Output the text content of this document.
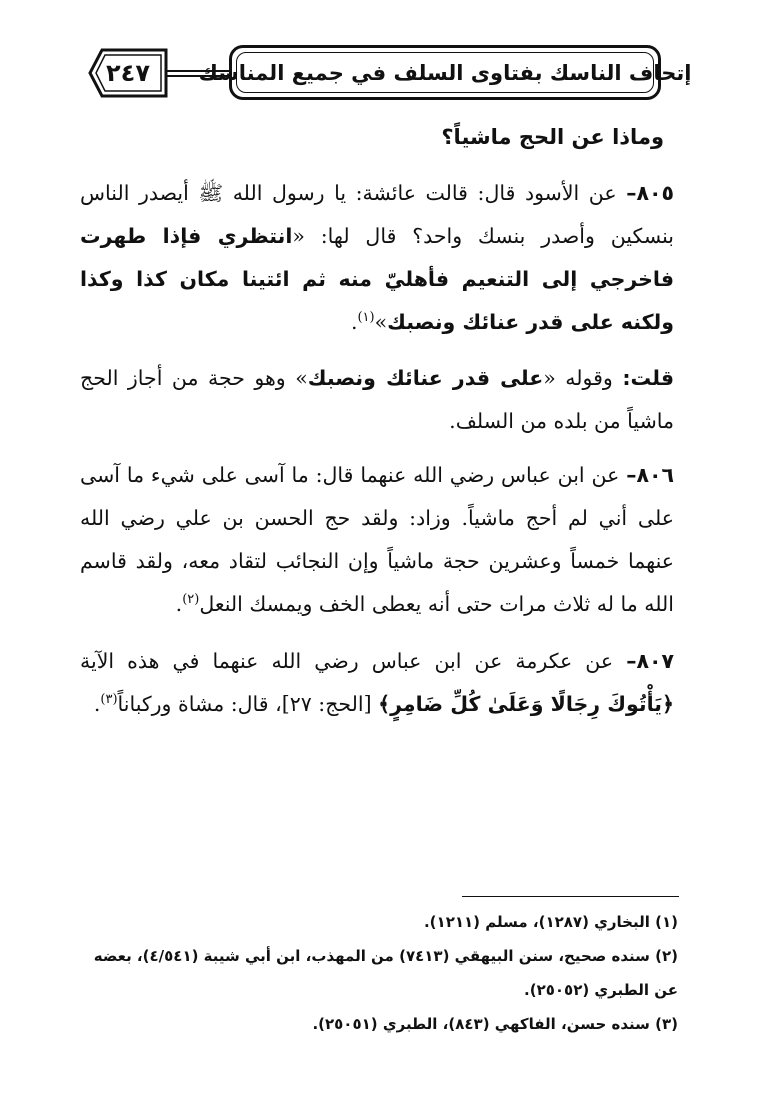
إتحاف الناسك بفتاوى السلف في جميع المناسك
٢٤٧
وماذا عن الحج ماشياً؟
٨٠٥– عن الأسود قال: قالت عائشة: يا رسول الله ﷺ أيصدر الناس بنسكين وأصدر بنسك واحد؟ قال لها: «انتظري فإذا طهرت فاخرجي إلى التنعيم فأهليّ منه ثم ائتينا مكان كذا وكذا ولكنه على قدر عنائك ونصبك»$^{(١)}$.
قلت: وقوله «على قدر عنائك ونصبك» وهو حجة من أجاز الحج ماشياً من بلده من السلف.
٨٠٦– عن ابن عباس رضي الله عنهما قال: ما آسى على شيء ما آسى على أني لم أحج ماشياً. وزاد: ولقد حج الحسن بن علي رضي الله عنهما خمساً وعشرين حجة ماشياً وإن النجائب لتقاد معه، ولقد قاسم الله ما له ثلاث مرات حتى أنه يعطى الخف ويمسك النعل$^{(٢)}$.
٨٠٧– عن عكرمة عن ابن عباس رضي الله عنهما في هذه الآية ﴿يَأْتُوكَ رِجَالًا وَعَلَىٰ كُلِّ ضَامِرٍ﴾ [الحج: ٢٧]، قال: مشاة وركباناً$^{(٣)}$.

(١) البخاري (١٢٨٧)، مسلم (١٢١١).

(٢) سنده صحيح، سنن البيهقي (٧٤١٣) من المهذب، ابن أبي شيبة (٤/٥٤١)، بعضه عن الطبري (٢٥٠٥٢).

(٣) سنده حسن، الفاكهي (٨٤٣)، الطبري (٢٥٠٥١).
